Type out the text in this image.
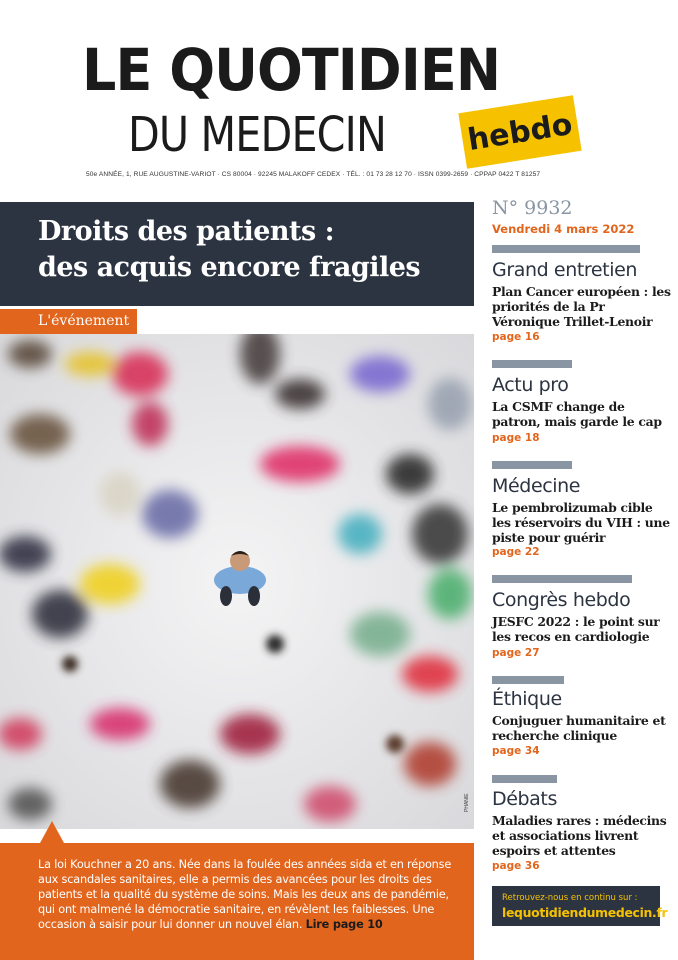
LE QUOTIDIEN
DU MEDECIN	hebdo
50e ANNÉE, 1, RUE AUGUSTINE-VARIOT · CS 80004 · 92245 MALAKOFF CEDEX · TÉL. : 01 73 28 12 70 · ISSN 0399-2659 · CPPAP 0422 T 81257
Droits des patients :
des acquis encore fragiles
L'événement
PHANIE
La loi Kouchner a 20 ans. Née dans la foulée des années sida et en réponse aux scandales sanitaires, elle a permis des avancées pour les droits des patients et la qualité du système de soins. Mais les deux ans de pandémie, qui ont malmené la démocratie sanitaire, en révèlent les faiblesses. Une occasion à saisir pour lui donner un nouvel élan. Lire page 10
N° 9932
Vendredi 4 mars 2022
Grand entretien
Plan Cancer européen : les priorités de la Pr Véronique Trillet-Lenoir
page 16
Actu pro
La CSMF change de patron, mais garde le cap
page 18
Médecine
Le pembrolizumab cible les réservoirs du VIH : une piste pour guérir
page 22
Congrès hebdo
JESFC 2022 : le point sur les recos en cardiologie
page 27
Éthique
Conjuguer humanitaire et recherche clinique
page 34
Débats
Maladies rares : médecins et associations livrent espoirs et attentes
page 36
Retrouvez-nous en continu sur :
lequotidiendumedecin.fr
